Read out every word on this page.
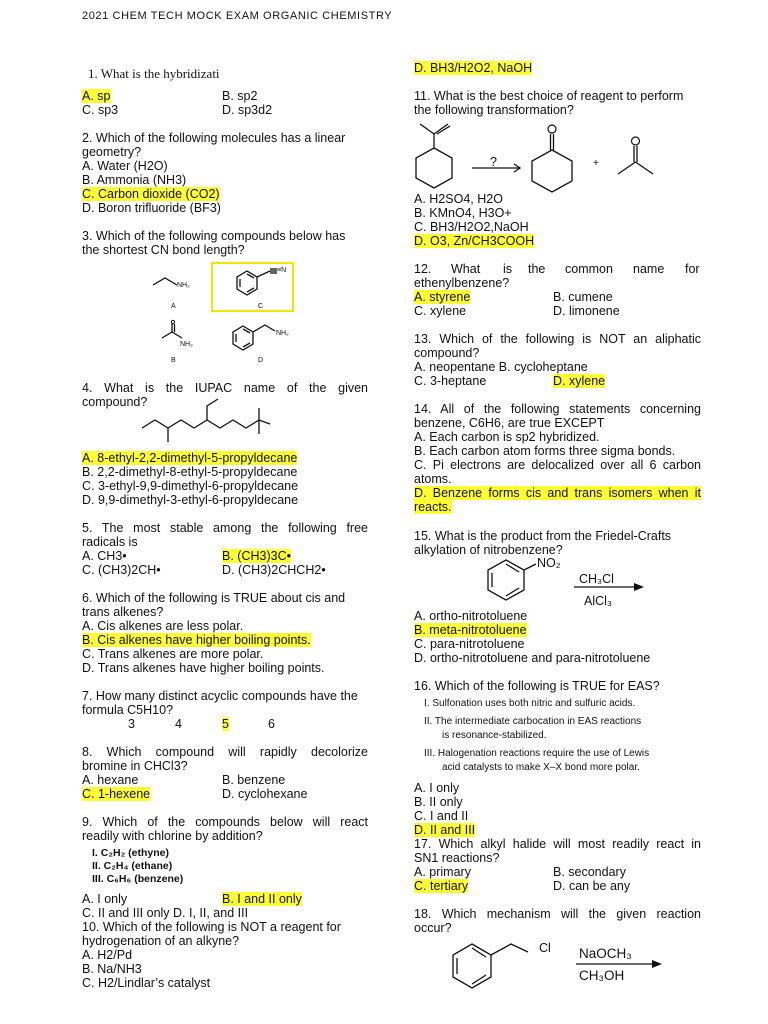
2021 CHEM TECH MOCK EXAM ORGANIC CHEMISTRY
1. What is the hybridizati
A. sp	B. sp2
C. sp3	D. sp3d2
2. Which of the following molecules has a linear
geometry?
A. Water (H2O)
B. Ammonia (NH3)
C. Carbon dioxide (CO2)
D. Boron trifluoride (BF3)
3. Which of the following compounds below has
the shortest CN bond length?
NH₂
A
≡N
C
NH₂
B
NH₂
D
4. What is the IUPAC name of the given
compound?
A. 8-ethyl-2,2-dimethyl-5-propyldecane
B. 2,2-dimethyl-8-ethyl-5-propyldecane
C. 3-ethyl-9,9-dimethyl-6-propyldecane
D. 9,9-dimethyl-3-ethyl-6-propyldecane
5. The most stable among the following free
radicals is
A. CH3•	B. (CH3)3C•
C. (CH3)2CH•	D. (CH3)2CHCH2•
6. Which of the following is TRUE about cis and
trans alkenes?
A. Cis alkenes are less polar.
B. Cis alkenes have higher boiling points.
C. Trans alkenes are more polar.
D. Trans alkenes have higher boiling points.
7. How many distinct acyclic compounds have the
formula C5H10?
3	4	5	6
8. Which compound will rapidly decolorize
bromine in CHCl3?
A. hexane	B. benzene
C. 1-hexene	D. cyclohexane
9. Which of the compounds below will react
readily with chlorine by addition?
I. C₂H₂ (ethyne)
II. C₂H₄ (ethane)
III. C₆H₆ (benzene)
A. I only	B. I and II only
C. II and III only D. I, II, and III
10. Which of the following is NOT a reagent for
hydrogenation of an alkyne?
A. H2/Pd
B. Na/NH3
C. H2/Lindlar’s catalyst
D. BH3/H2O2, NaOH
11. What is the best choice of reagent to perform
the following transformation?
?	+
A. H2SO4, H2O
B. KMnO4, H3O+
C. BH3/H2O2,NaOH
D. O3, Zn/CH3COOH
12. What is the common name for
ethenylbenzene?
A. styrene	B. cumene
C. xylene	D. limonene
13. Which of the following is NOT an aliphatic
compound?
A. neopentane B. cycloheptane
C. 3-heptane	D. xylene
14. All of the following statements concerning
benzene, C6H6, are true EXCEPT
A. Each carbon is sp2 hybridized.
B. Each carbon atom forms three sigma bonds.
C. Pi electrons are delocalized over all 6 carbon
atoms.
D. Benzene forms cis and trans isomers when it
reacts.
15. What is the product from the Friedel-Crafts
alkylation of nitrobenzene?
NO₂
CH₃Cl
AlCl₃
A. ortho-nitrotoluene
B. meta-nitrotoluene
C. para-nitrotoluene
D. ortho-nitrotoluene and para-nitrotoluene
16. Which of the following is TRUE for EAS?
I. Sulfonation uses both nitric and sulfuric acids.
II. The intermediate carbocation in EAS reactions
is resonance-stabilized.
III. Halogenation reactions require the use of Lewis
acid catalysts to make X–X bond more polar.
A. I only
B. II only
C. I and II
D. II and III
17. Which alkyl halide will most readily react in
SN1 reactions?
A. primary	B. secondary
C. tertiary	D. can be any
18. Which mechanism will the given reaction
occur?
Cl NaOCH₃
CH₃OH
